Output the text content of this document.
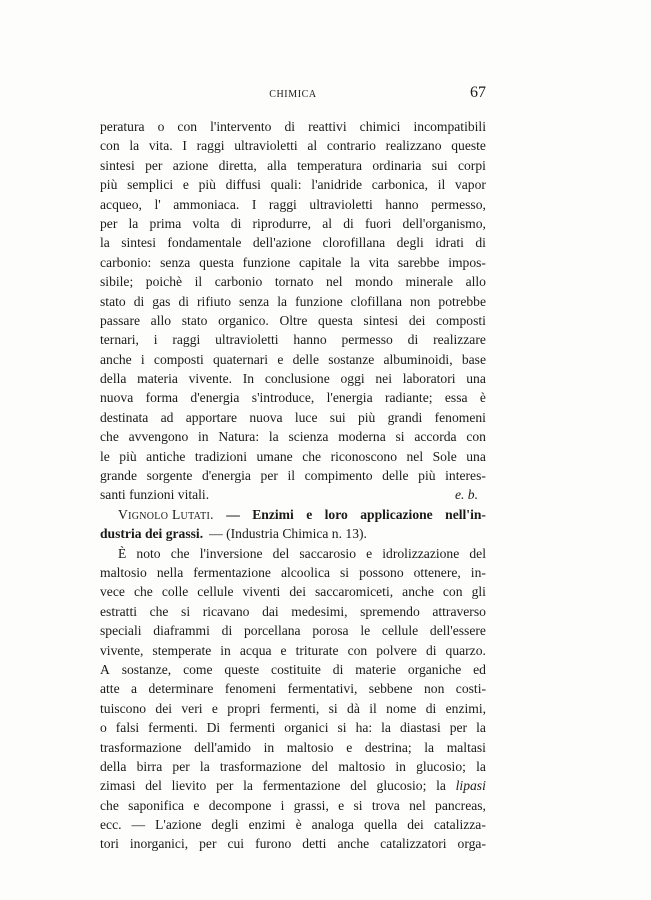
CHIMICA	67
peratura o con l'intervento di reattivi chimici incompatibili
con la vita. I raggi ultravioletti al contrario realizzano queste
sintesi per azione diretta, alla temperatura ordinaria sui corpi
più semplici e più diffusi quali: l'anidride carbonica, il vapor
acqueo, l' ammoniaca. I raggi ultravioletti hanno permesso,
per la prima volta di riprodurre, al di fuori dell'organismo,
la sintesi fondamentale dell'azione clorofillana degli idrati di
carbonio: senza questa funzione capitale la vita sarebbe impos-
sibile; poichè il carbonio tornato nel mondo minerale allo
stato di gas di rifiuto senza la funzione clofillana non potrebbe
passare allo stato organico. Oltre questa sintesi dei composti
ternari, i raggi ultravioletti hanno permesso di realizzare
anche i composti quaternari e delle sostanze albuminoidi, base
della materia vivente. In conclusione oggi nei laboratori una
nuova forma d'energia s'introduce, l'energia radiante; essa è
destinata ad apportare nuova luce sui più grandi fenomeni
che avvengono in Natura: la scienza moderna si accorda con
le più antiche tradizioni umane che riconoscono nel Sole una
grande sorgente d'energia per il compimento delle più interes-
santi funzioni vitali.	e. b.
Vignolo Lutati. — Enzimi e loro applicazione nell'in-
dustria dei grassi. — (Industria Chimica n. 13).
È noto che l'inversione del saccarosio e idrolizzazione del
maltosio nella fermentazione alcoolica si possono ottenere, in-
vece che colle cellule viventi dei saccaromiceti, anche con gli
estratti che si ricavano dai medesimi, spremendo attraverso
speciali diaframmi di porcellana porosa le cellule dell'essere
vivente, stemperate in acqua e triturate con polvere di quarzo.
A sostanze, come queste costituite di materie organiche ed
atte a determinare fenomeni fermentativi, sebbene non costi-
tuiscono dei veri e propri fermenti, si dà il nome di enzimi,
o falsi fermenti. Di fermenti organici si ha: la diastasi per la
trasformazione dell'amido in maltosio e destrina; la maltasi
della birra per la trasformazione del maltosio in glucosio; la
zimasi del lievito per la fermentazione del glucosio; la lipasi
che saponifica e decompone i grassi, e si trova nel pancreas,
ecc. — L'azione degli enzimi è analoga quella dei catalizza-
tori inorganici, per cui furono detti anche catalizzatori orga-
